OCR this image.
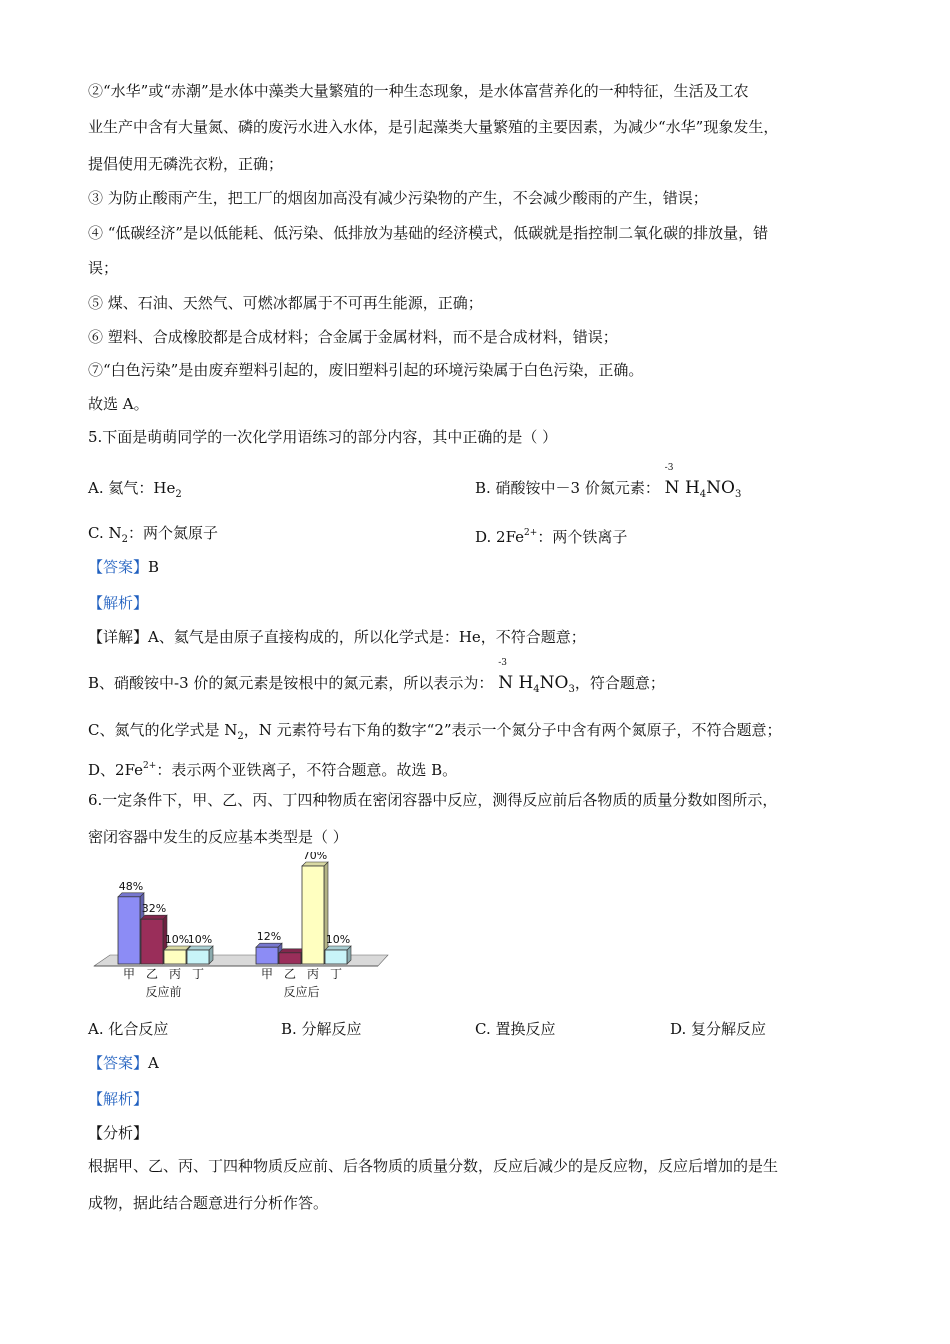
②“水华”或“赤潮”是水体中藻类大量繁殖的一种生态现象，是水体富营养化的一种特征，生活及工农
业生产中含有大量氮、磷的废污水进入水体，是引起藻类大量繁殖的主要因素，为减少“水华”现象发生，
提倡使用无磷洗衣粉，正确；
③ 为防止酸雨产生，把工厂的烟囱加高没有减少污染物的产生，不会减少酸雨的产生，错误；
④ “低碳经济”是以低能耗、低污染、低排放为基础的经济模式，低碳就是指控制二氧化碳的排放量，错
误；
⑤ 煤、石油、天然气、可燃冰都属于不可再生能源，正确；
⑥ 塑料、合成橡胶都是合成材料；合金属于金属材料，而不是合成材料，错误；
⑦“白色污染”是由废弃塑料引起的，废旧塑料引起的环境污染属于白色污染，正确。
故选 A。
5.下面是萌萌同学的一次化学用语练习的部分内容，其中正确的是（ ）
A. 氦气：$He_2$	B. 硝酸铵中－3 价氮元素：
-3
N $H_4NO_3$
C. $N_2$：两个氮原子	D. $2Fe^{2+}$：两个铁离子
【答案】B
【解析】
【详解】A、氦气是由原子直接构成的，所以化学式是：He，不符合题意；
B、硝酸铵中-3 价的氮元素是铵根中的氮元素，所以表示为：
-3
N $H_4NO_3$，符合题意；
C、氮气的化学式是 $N_2$，N 元素符号右下角的数字“2”表示一个氮分子中含有两个氮原子，不符合题意；
D、$2Fe^{2+}$：表示两个亚铁离子，不符合题意。故选 B。
6.一定条件下，甲、乙、丙、丁四种物质在密闭容器中反应，测得反应前后各物质的质量分数如图所示，
密闭容器中发生的反应基本类型是（ ）
48%
甲
32%
乙
10%
丙
10%
丁
反应前
12%
甲 乙
70%
丙
10%
丁
反应后
A. 化合反应	B. 分解反应	C. 置换反应	D. 复分解反应
【答案】A
【解析】
【分析】
根据甲、乙、丙、丁四种物质反应前、后各物质的质量分数，反应后减少的是反应物，反应后增加的是生
成物，据此结合题意进行分析作答。
